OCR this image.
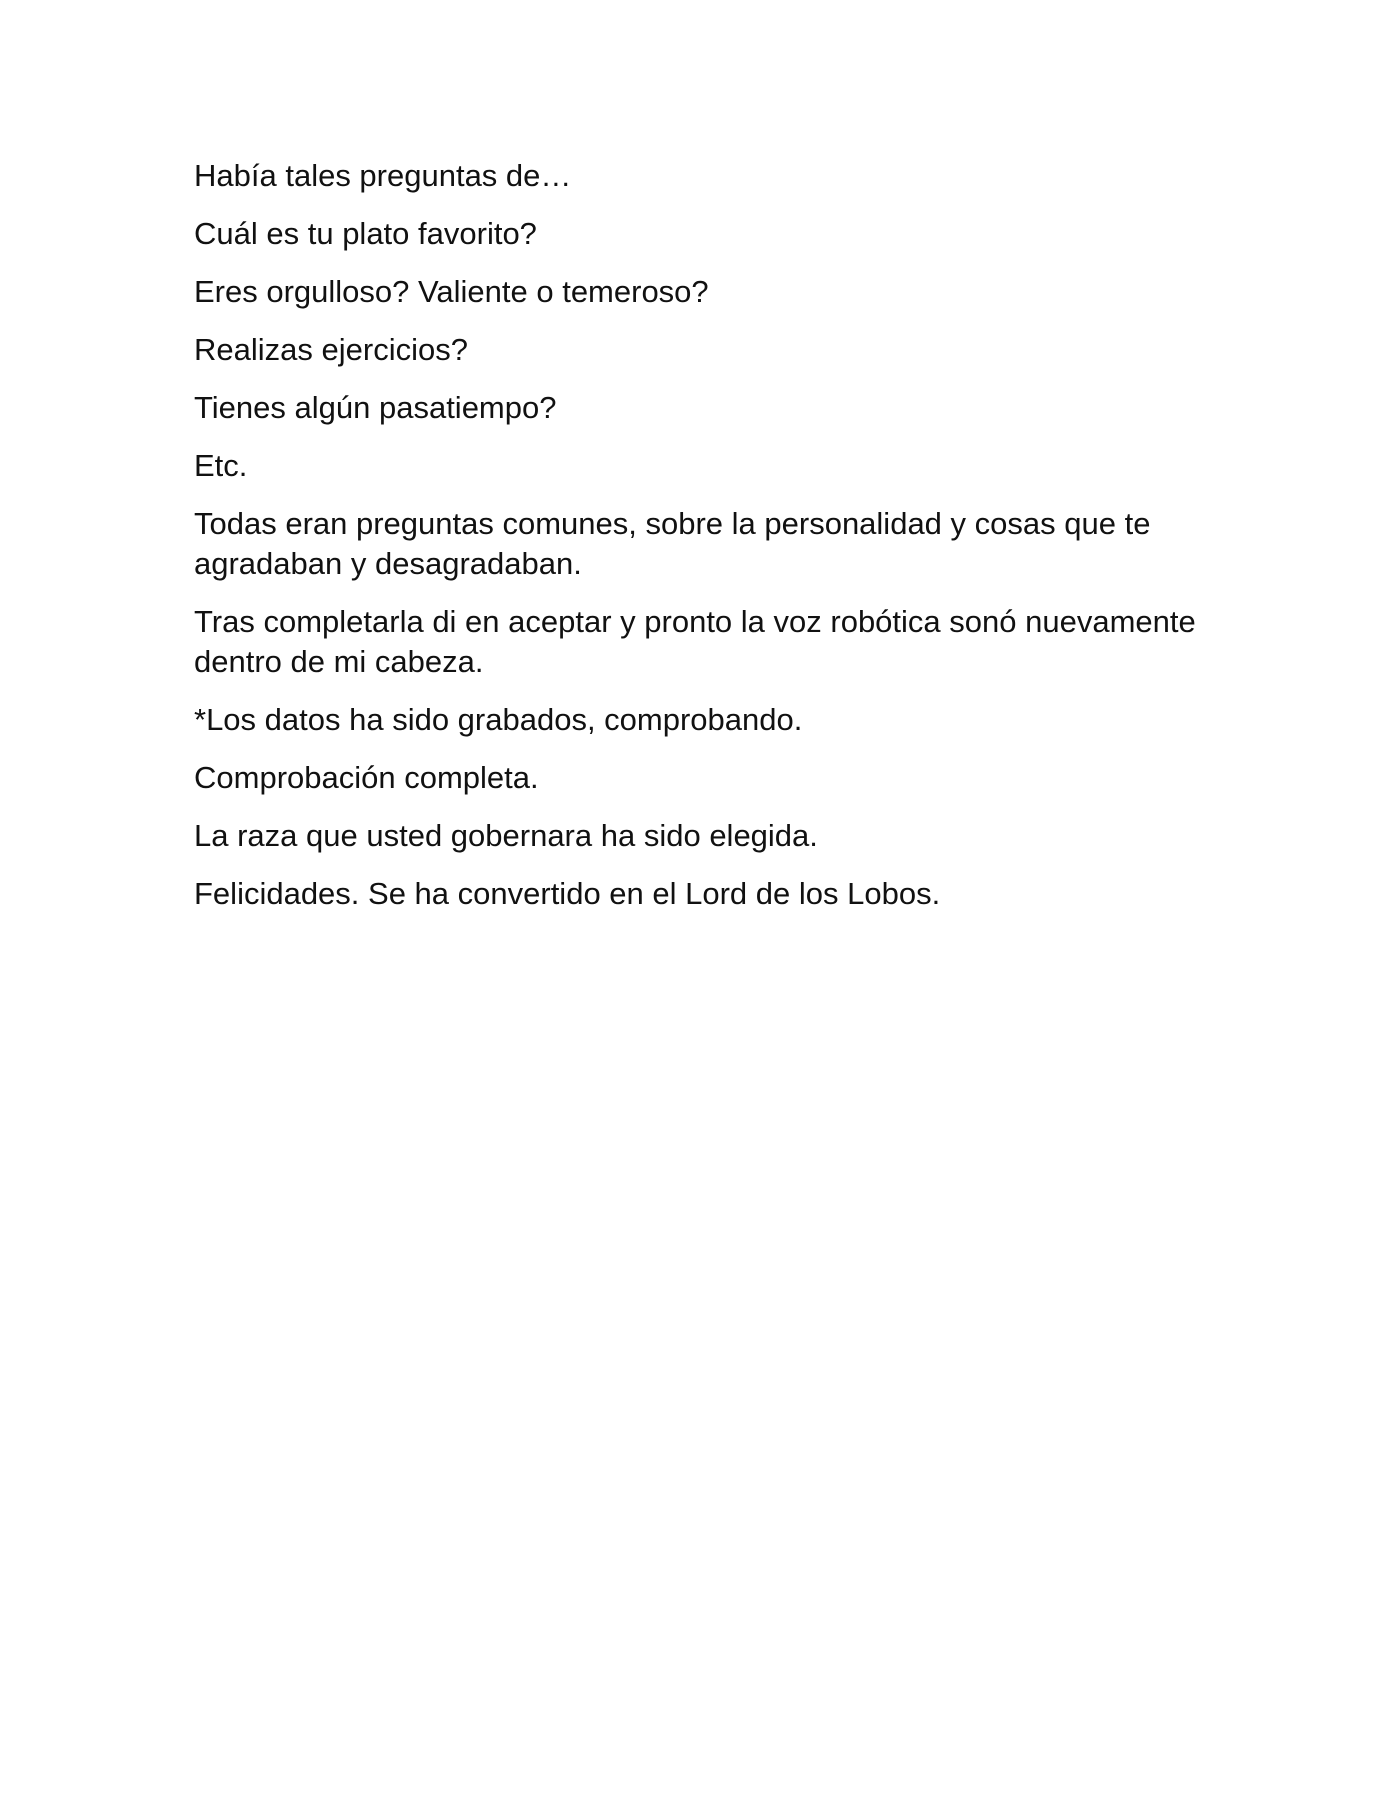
Había tales preguntas de…

Cuál es tu plato favorito?

Eres orgulloso? Valiente o temeroso?

Realizas ejercicios?

Tienes algún pasatiempo?

Etc.

Todas eran preguntas comunes, sobre la personalidad y cosas que te agradaban y desagradaban.

Tras completarla di en aceptar y pronto la voz robótica sonó nuevamente dentro de mi cabeza.

*Los datos ha sido grabados, comprobando.

Comprobación completa.

La raza que usted gobernara ha sido elegida.

Felicidades. Se ha convertido en el Lord de los Lobos.
